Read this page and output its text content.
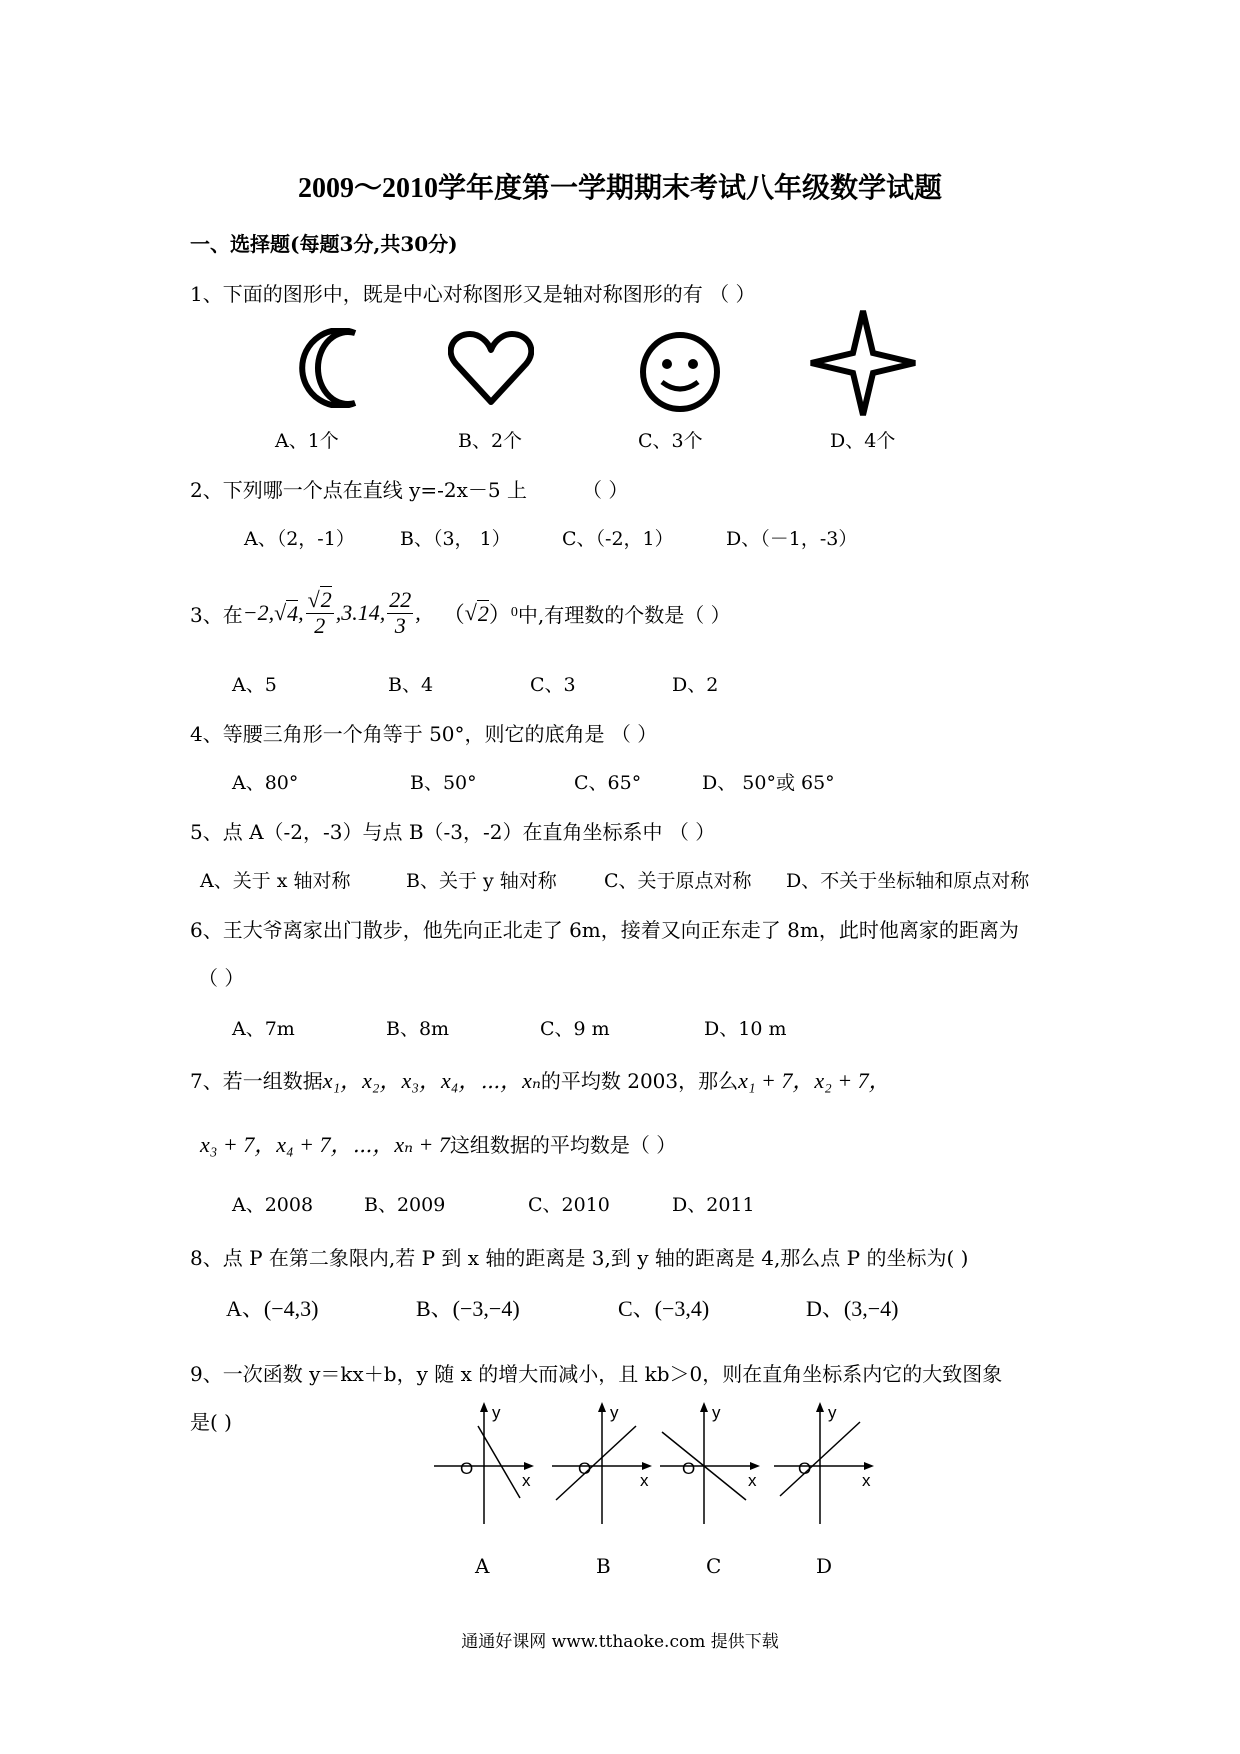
2009～2010学年度第一学期期末考试八年级数学试题
一、选择题(每题3分,共30分)
1、下面的图形中，既是中心对称图形又是轴对称图形的有 （ ）
A、1个	B、2个	C、3个	D、4个
2、下列哪一个点在直线 y=-2x－5 上	（ ）
A、（2，-1） B、（3， 1）	C、（-2，1）	D、（－1，-3）
3、在 −2, √ 4 , $\frac{√2}{2} ,3.14$, $\frac{22}{3}$ , （ √ 2 ） 0 中,有理数的个数是（ ）
A、5	B、4	C、3	D、2
4、等腰三角形一个角等于 50°，则它的底角是 （ ）
A、80°	B、50°	C、65°	D、 50°或 65°
5、点 A（-2，-3）与点 B（-3，-2）在直角坐标系中 （ ）
A、关于 x 轴对称	B、关于 y 轴对称 C、关于原点对称 D、不关于坐标轴和原点对称
6、王大爷离家出门散步，他先向正北走了 6m，接着又向正东走了 8m，此时他离家的距离为
（ ）
A、7m	B、8m	C、9 m	D、10 m
7、若一组数据x₁，x₂，x₃，x₄，⋯，xₙ的平均数 2003，那么x₁ + 7，x₂ + 7，
x₃ + 7，x₄ + 7，⋯，xₙ + 7这组数据的平均数是（ ）
A、2008	B、2009	C、2010	D、2011
8、点 P 在第二象限内,若 P 到 x 轴的距离是 3,到 y 轴的距离是 4,那么点 P 的坐标为( )
A、(−4,3)	B、(−3,−4)	C、(−3,4)	D、(3,−4)
9、一次函数 y＝kx＋b，y 随 x 的增大而减小，且 kb＞0，则在直角坐标系内它的大致图象
是( )	y
x
O
y
x
O
y
x
O
y
x
O
A	B	C	D
通通好课网 www.tthaoke.com 提供下载
